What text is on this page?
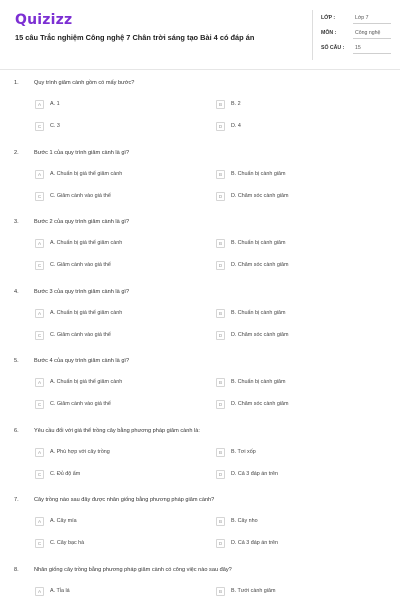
Quizizz
15 câu Trắc nghiệm Công nghệ 7 Chân trời sáng tạo Bài 4 có đáp án
LỚP :	Lớp 7
MÔN :	Công nghệ
SỐ CÂU : 15
1.	Quy trình giâm cành gồm có mấy bước?
A	A. 1	B	B. 2
C	C. 3	D	D. 4
2.	Bước 1 của quy trình giâm cành là gì?
A	A. Chuẩn bị giá thể giâm cành	B	B. Chuẩn bị cành giâm
C	C. Giâm cành vào giá thể	D	D. Chăm sóc cành giâm
3.	Bước 2 của quy trình giâm cành là gì?
A	A. Chuẩn bị giá thể giâm cành	B	B. Chuẩn bị cành giâm
C	C. Giâm cành vào giá thể	D	D. Chăm sóc cành giâm
4.	Bước 3 của quy trình giâm cành là gì?
A	A. Chuẩn bị giá thể giâm cành	B	B. Chuẩn bị cành giâm
C	C. Giâm cành vào giá thể	D	D. Chăm sóc cành giâm
5.	Bước 4 của quy trình giâm cành là gì?
A	A. Chuẩn bị giá thể giâm cành	B	B. Chuẩn bị cành giâm
C	C. Giâm cành vào giá thể	D	D. Chăm sóc cành giâm
6.	Yêu cầu đối với giá thể trồng cây bằng phương pháp giâm cành là:
A	A. Phù hợp với cây trồng	B	B. Tơi xốp
C	C. Đủ độ ẩm	D	D. Cả 3 đáp án trên
7.	Cây trồng nào sau đây được nhân giống bằng phương pháp giâm cành?
A	A. Cây mía	B	B. Cây nho
C	C. Cây bạc hà	D	D. Cả 3 đáp án trên
8.	Nhân giống cây trồng bằng phương pháp giâm cành có công việc nào sau đây?
A	A. Tỉa lá	B	B. Tưới cành giâm
